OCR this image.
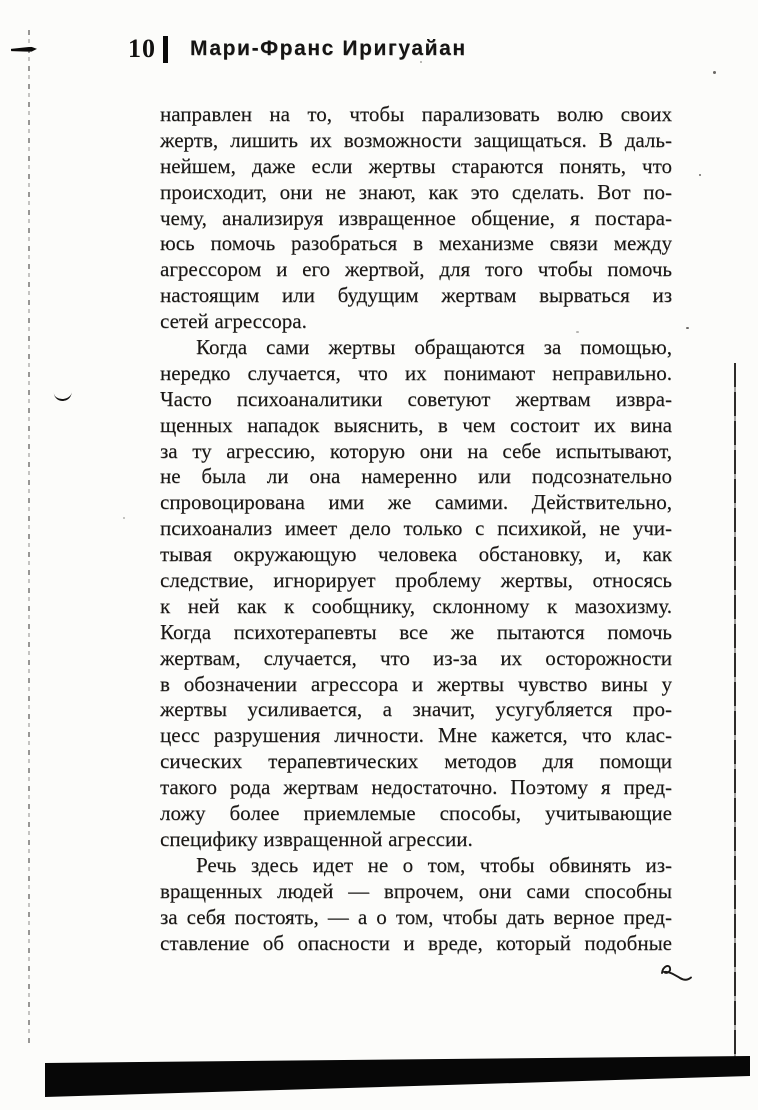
10 Мари-Франс Иригуайан
направлен на то, чтобы парализовать волю своих
жертв, лишить их возможности защищаться. В даль-
нейшем, даже если жертвы стараются понять, что
происходит, они не знают, как это сделать. Вот по-
чему, анализируя извращенное общение, я постара-
юсь помочь разобраться в механизме связи между
агрессором и его жертвой, для того чтобы помочь
настоящим или будущим жертвам вырваться из
сетей агрессора.
Когда сами жертвы обращаются за помощью,
нередко случается, что их понимают неправильно.
Часто психоаналитики советуют жертвам извра-
щенных нападок выяснить, в чем состоит их вина
за ту агрессию, которую они на себе испытывают,
не была ли она намеренно или подсознательно
спровоцирована ими же самими. Действительно,
психоанализ имеет дело только с психикой, не учи-
тывая окружающую человека обстановку, и, как
следствие, игнорирует проблему жертвы, относясь
к ней как к сообщнику, склонному к мазохизму.
Когда психотерапевты все же пытаются помочь
жертвам, случается, что из-за их осторожности
в обозначении агрессора и жертвы чувство вины у
жертвы усиливается, а значит, усугубляется про-
цесс разрушения личности. Мне кажется, что клас-
сических терапевтических методов для помощи
такого рода жертвам недостаточно. Поэтому я пред-
ложу более приемлемые способы, учитывающие
специфику извращенной агрессии.
Речь здесь идет не о том, чтобы обвинять из-
вращенных людей — впрочем, они сами способны
за себя постоять, — а о том, чтобы дать верное пред-
ставление об опасности и вреде, который подобные
